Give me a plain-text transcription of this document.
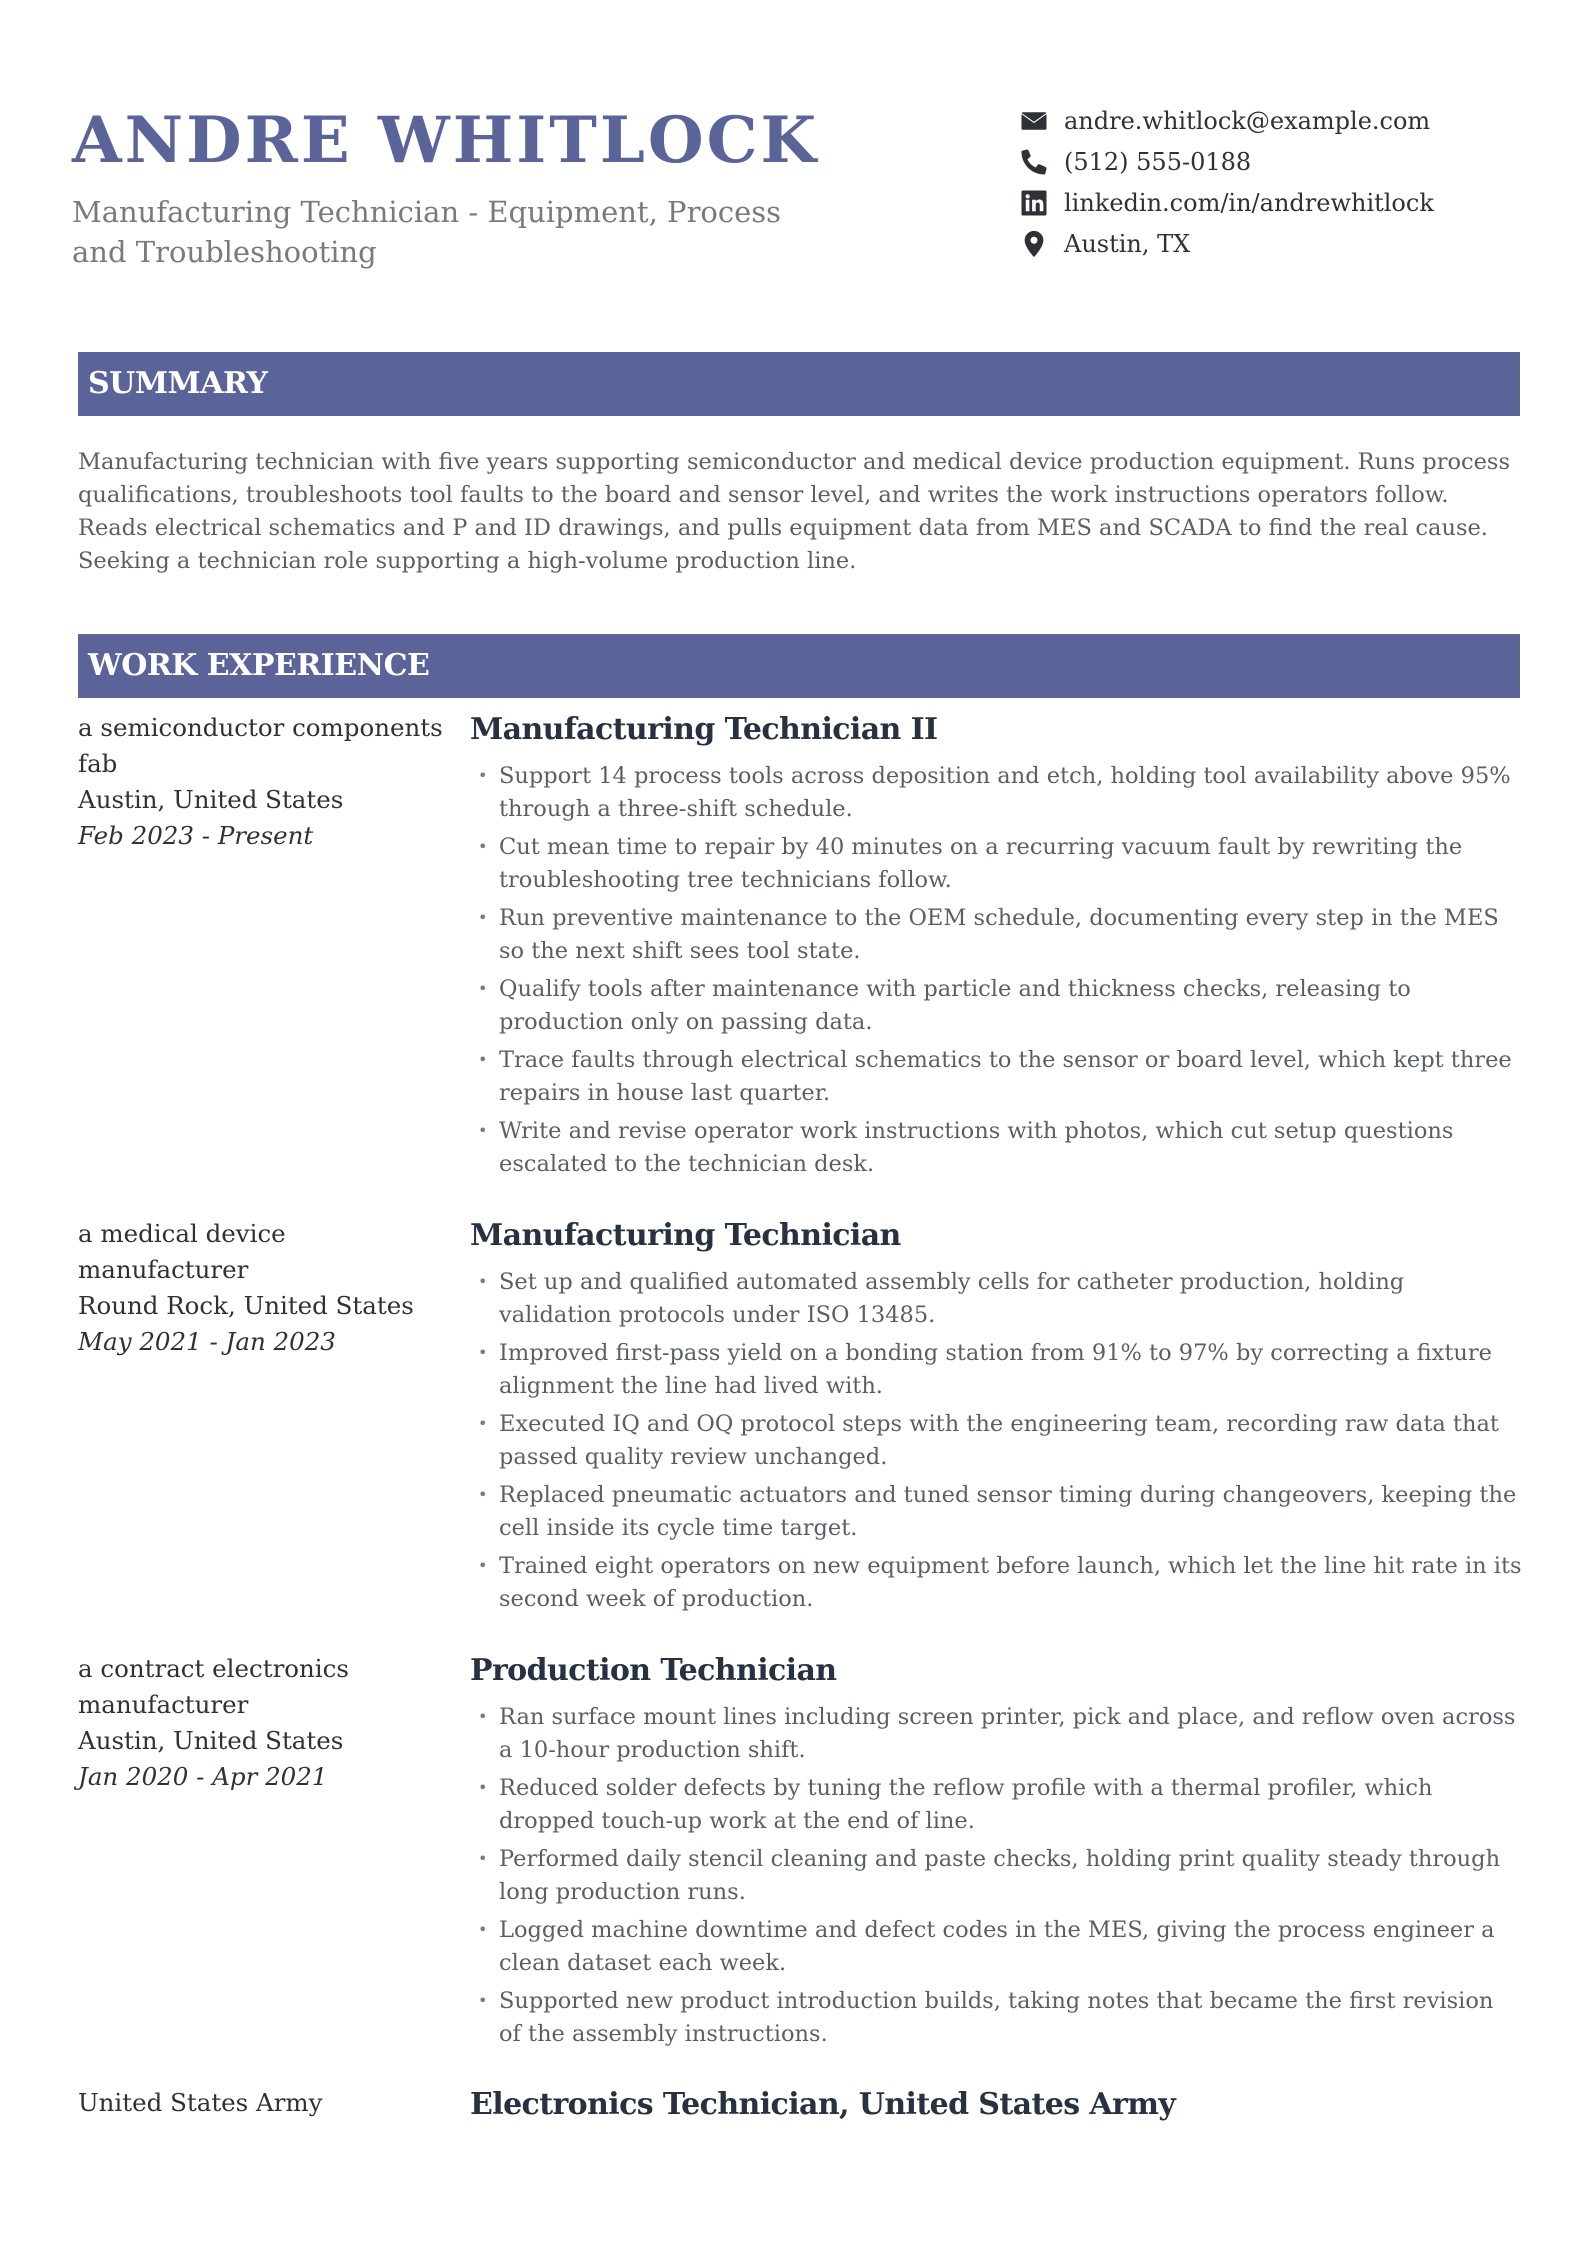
ANDRE WHITLOCK

Manufacturing Technician - Equipment, Process and Troubleshooting

andre.whitlock@example.com
(512) 555-0188
linkedin.com/in/andrewhitlock
Austin, TX
SUMMARY

Manufacturing technician with five years supporting semiconductor and medical device production equipment. Runs process qualifications, troubleshoots tool faults to the board and sensor level, and writes the work instructions operators follow. Reads electrical schematics and P and ID drawings, and pulls equipment data from MES and SCADA to find the real cause. Seeking a technician role supporting a high-volume production line.

WORK EXPERIENCE
a semiconductor components fab
Austin, United States
Feb 2023 - Present
Manufacturing Technician II
• Support 14 process tools across deposition and etch, holding tool availability above 95% through a three-shift schedule.
• Cut mean time to repair by 40 minutes on a recurring vacuum fault by rewriting the troubleshooting tree technicians follow.
• Run preventive maintenance to the OEM schedule, documenting every step in the MES so the next shift sees tool state.
• Qualify tools after maintenance with particle and thickness checks, releasing to production only on passing data.
• Trace faults through electrical schematics to the sensor or board level, which kept three repairs in house last quarter.
• Write and revise operator work instructions with photos, which cut setup questions escalated to the technician desk.
a medical device manufacturer
Round Rock, United States
May 2021 - Jan 2023
Manufacturing Technician
• Set up and qualified automated assembly cells for catheter production, holding validation protocols under ISO 13485.
• Improved first-pass yield on a bonding station from 91% to 97% by correcting a fixture alignment the line had lived with.
• Executed IQ and OQ protocol steps with the engineering team, recording raw data that passed quality review unchanged.
• Replaced pneumatic actuators and tuned sensor timing during changeovers, keeping the cell inside its cycle time target.
• Trained eight operators on new equipment before launch, which let the line hit rate in its second week of production.
a contract electronics manufacturer
Austin, United States
Jan 2020 - Apr 2021
Production Technician
• Ran surface mount lines including screen printer, pick and place, and reflow oven across a 10-hour production shift.
• Reduced solder defects by tuning the reflow profile with a thermal profiler, which dropped touch-up work at the end of line.
• Performed daily stencil cleaning and paste checks, holding print quality steady through long production runs.
• Logged machine downtime and defect codes in the MES, giving the process engineer a clean dataset each week.
• Supported new product introduction builds, taking notes that became the first revision of the assembly instructions.
United States Army	Electronics Technician, United States Army
